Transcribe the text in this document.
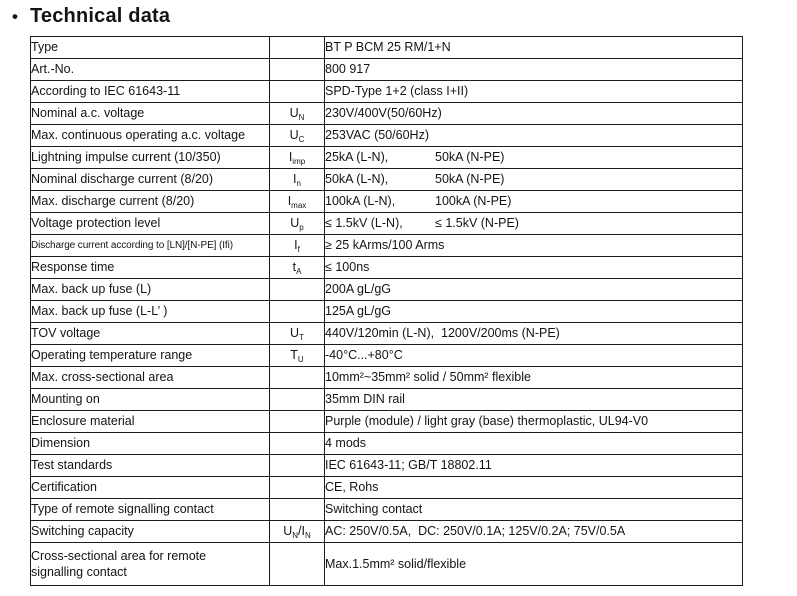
• Technical data
Type		BT P BCM 25 RM/1+N
Art.-No.		800 917
According to IEC 61643-11		SPD-Type 1+2 (class I+II)
Nominal a.c. voltage	$U_N$	230V/400V(50/60Hz)
Max. continuous operating a.c. voltage	$U_C$	253VAC (50/60Hz)
Lightning impulse current (10/350)	$I_{imp}$	25kA (L-N), 50kA (N-PE)
Nominal discharge current (8/20)	$I_n$	50kA (L-N), 50kA (N-PE)
Max. discharge current (8/20)	$I_{max}$	100kA (L-N), 100kA (N-PE)
Voltage protection level	$U_p$	≤ 1.5kV (L-N), ≤ 1.5kV (N-PE)
Discharge current according to [LN]/[N-PE] (Ifi)	$I_f$	≥ 25 kArms/100 Arms
Response time	$t_A$	≤ 100ns
Max. back up fuse (L)		200A gL/gG
Max. back up fuse (L-L’ )		125A gL/gG
TOV voltage	$U_T$	440V/120min (L-N),  1200V/200ms (N-PE)
Operating temperature range	$T_U$	-40°C...+80°C
Max. cross-sectional area		10mm²~35mm² solid / 50mm² flexible
Mounting on		35mm DIN rail
Enclosure material		Purple (module) / light gray (base) thermoplastic, UL94-V0
Dimension		4 mods
Test standards		IEC 61643-11; GB/T 18802.11
Certification		CE, Rohs
Type of remote signalling contact		Switching contact
Switching capacity	$U_N/I_N$	AC: 250V/0.5A,  DC: 250V/0.1A; 125V/0.2A; 75V/0.5A
Cross-sectional area for remote
signalling contact		Max.1.5mm² solid/flexible
